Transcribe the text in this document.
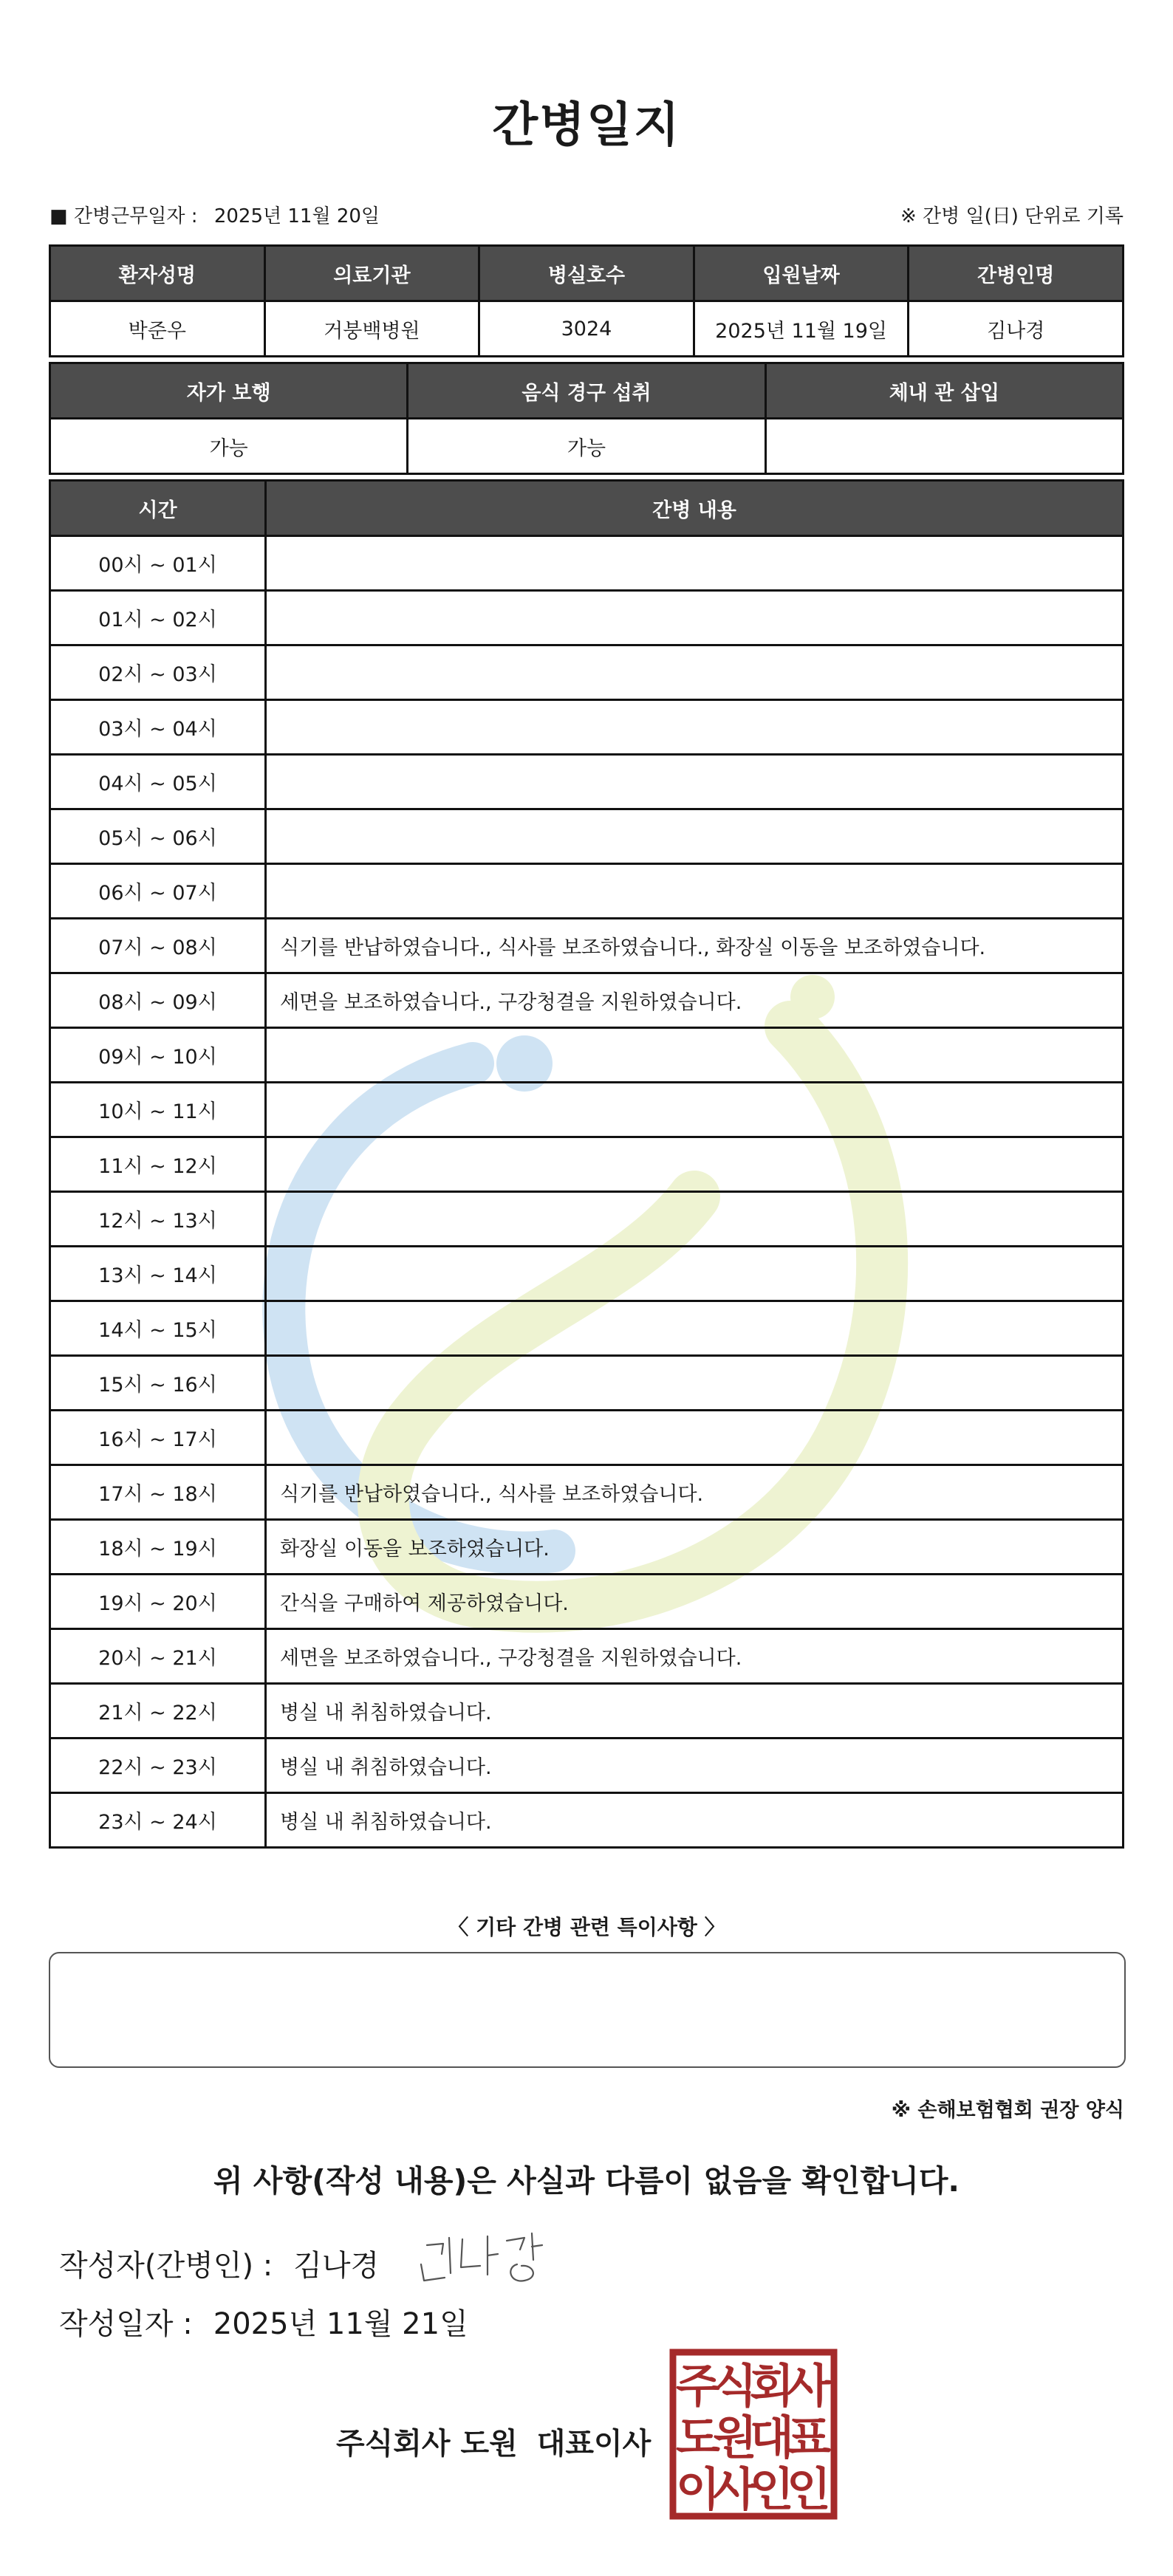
간병일지
■ 간병근무일자 : 2025년 11월 20일	※ 간병 일(日) 단위로 기록
환자성명	의료기관	병실호수	입원날짜	간병인명
박준우	거붕백병원	3024	2025년 11월 19일	김나경
자가 보행	음식 경구 섭취	체내 관 삽입
가능	가능	
시간	간병 내용
00시 ~ 01시	
01시 ~ 02시	
02시 ~ 03시	
03시 ~ 04시	
04시 ~ 05시	
05시 ~ 06시	
06시 ~ 07시	
07시 ~ 08시	식기를 반납하였습니다., 식사를 보조하였습니다., 화장실 이동을 보조하였습니다.
08시 ~ 09시	세면을 보조하였습니다., 구강청결을 지원하였습니다.
09시 ~ 10시	
10시 ~ 11시	
11시 ~ 12시	
12시 ~ 13시	
13시 ~ 14시	
14시 ~ 15시	
15시 ~ 16시	
16시 ~ 17시	
17시 ~ 18시	식기를 반납하였습니다., 식사를 보조하였습니다.
18시 ~ 19시	화장실 이동을 보조하였습니다.
19시 ~ 20시	간식을 구매하여 제공하였습니다.
20시 ~ 21시	세면을 보조하였습니다., 구강청결을 지원하였습니다.
21시 ~ 22시	병실 내 취침하였습니다.
22시 ~ 23시	병실 내 취침하였습니다.
23시 ~ 24시	병실 내 취침하였습니다.
〈 기타 간병 관련 특이사항 〉
※ 손해보험협회 권장 양식
위 사항(작성 내용)은 사실과 다름이 없음을 확인합니다.
작성자(간병인) : 김나경
작성일자 : 2025년 11월 21일
주식회사 도원 대표이사
주
식
회
사
도
원
대
표
이
사
인
인
